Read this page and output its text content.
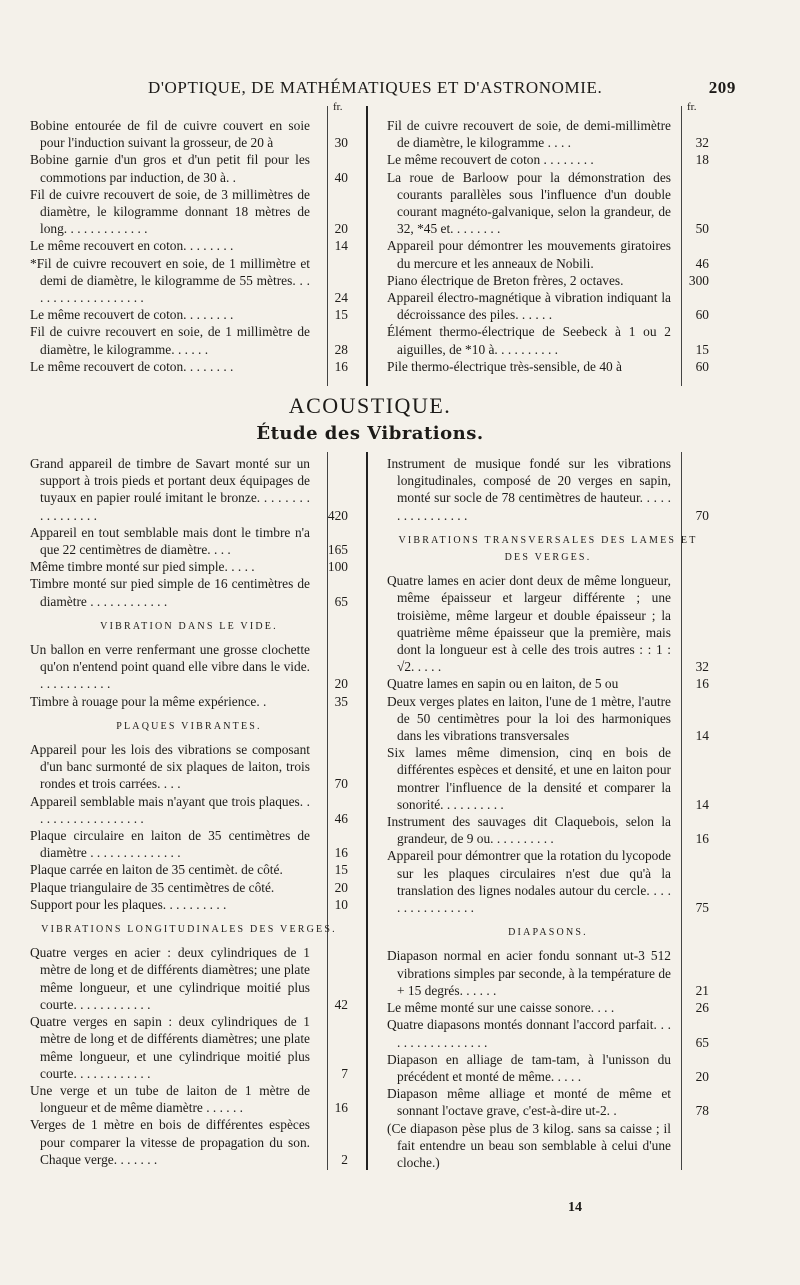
D'OPTIQUE, DE MATHÉMATIQUES ET D'ASTRONOMIE.	209
fr.	fr.
Bobine entourée de fil de cuivre couvert en soie pour l'induction suivant la grosseur, de 20 à	30
Bobine garnie d'un gros et d'un petit fil pour les commotions par induction, de 30 à. .	40
Fil de cuivre recouvert de soie, de 3 millimètres de diamètre, le kilogramme donnant 18 mètres de long. . . . . . . . . . . . .	20
Le même recouvert en coton. . . . . . . .	14
*Fil de cuivre recouvert en soie, de 1 millimètre et demi de diamètre, le kilogramme de 55 mètres. . . . . . . . . . . . . . . . . . .	24
Le même recouvert de coton. . . . . . . .	15
Fil de cuivre recouvert en soie, de 1 millimètre de diamètre, le kilogramme. . . . . .	28
Le même recouvert de coton. . . . . . . .	16
Fil de cuivre recouvert de soie, de demi-millimètre de diamètre, le kilogramme . . . .	32
Le même recouvert de coton . . . . . . . .	18
La roue de Barloow pour la démonstration des courants parallèles sous l'influence d'un double courant magnéto-galvanique, selon la grandeur, de 32, *45 et. . . . . . . .	50
Appareil pour démontrer les mouvements giratoires du mercure et les anneaux de Nobili.	46
Piano électrique de Breton frères, 2 octaves.	300
Appareil électro-magnétique à vibration indiquant la décroissance des piles. . . . . .	60
Élément thermo-électrique de Seebeck à 1 ou 2 aiguilles, de *10 à. . . . . . . . . .	15
Pile thermo-électrique très-sensible, de 40 à	60
ACOUSTIQUE.
Étude des Vibrations.
Grand appareil de timbre de Savart monté sur un support à trois pieds et portant deux équipages de tuyaux en papier roulé imitant le bronze. . . . . . . . . . . . . . . . .	420
Appareil en tout semblable mais dont le timbre n'a que 22 centimètres de diamètre. . . .	165
Même timbre monté sur pied simple. . . . .	100
Timbre monté sur pied simple de 16 centimètres de diamètre . . . . . . . . . . . .	65
VIBRATION DANS LE VIDE.
Un ballon en verre renfermant une grosse clochette qu'on n'entend point quand elle vibre dans le vide. . . . . . . . . . . .	20
Timbre à rouage pour la même expérience. .	35
PLAQUES VIBRANTES.
Appareil pour les lois des vibrations se composant d'un banc surmonté de six plaques de laiton, trois rondes et trois carrées. . . .	70
Appareil semblable mais n'ayant que trois plaques. . . . . . . . . . . . . . . . . .	46
Plaque circulaire en laiton de 35 centimètres de diamètre . . . . . . . . . . . . . .	16
Plaque carrée en laiton de 35 centimèt. de côté.	15
Plaque triangulaire de 35 centimètres de côté.	20
Support pour les plaques. . . . . . . . . .	10
VIBRATIONS LONGITUDINALES DES VERGES.
Quatre verges en acier : deux cylindriques de 1 mètre de long et de différents diamètres; une plate même longueur, et une cylindrique moitié plus courte. . . . . . . . . . . .	42
Quatre verges en sapin : deux cylindriques de 1 mètre de long et de différents diamètres; une plate même longueur, et une cylindrique moitié plus courte. . . . . . . . . . . .	7
Une verge et un tube de laiton de 1 mètre de longueur et de même diamètre . . . . . .	16
Verges de 1 mètre en bois de différentes espèces pour comparer la vitesse de propagation du son. Chaque verge. . . . . . .	2
Instrument de musique fondé sur les vibrations longitudinales, composé de 20 verges en sapin, monté sur socle de 78 centimètres de hauteur. . . . . . . . . . . . . . . .	70
VIBRATIONS TRANSVERSALES DES LAMES ET DES VERGES.
Quatre lames en acier dont deux de même longueur, même épaisseur et largeur différente ; une troisième, même largeur et double épaisseur ; la quatrième même épaisseur que la première, mais dont la longueur est à celle des trois autres : : 1 : √2. . . . .	32
Quatre lames en sapin ou en laiton, de 5 ou	16
Deux verges plates en laiton, l'une de 1 mètre, l'autre de 50 centimètres pour la loi des harmoniques dans les vibrations transversales	14
Six lames même dimension, cinq en bois de différentes espèces et densité, et une en laiton pour montrer l'influence de la densité et comparer la sonorité. . . . . . . . . .	14
Instrument des sauvages dit Claquebois, selon la grandeur, de 9 ou. . . . . . . . . .	16
Appareil pour démontrer que la rotation du lycopode sur les plaques circulaires n'est due qu'à la translation des lignes nodales autour du cercle. . . . . . . . . . . . . . . .	75
DIAPASONS.
Diapason normal en acier fondu sonnant ut-3 512 vibrations simples par seconde, à la température de + 15 degrés. . . . . .	21
Le même monté sur une caisse sonore. . . .	26
Quatre diapasons montés donnant l'accord parfait. . . . . . . . . . . . . . . . .	65
Diapason en alliage de tam-tam, à l'unisson du précédent et monté de même. . . . .	20
Diapason même alliage et monté de même et sonnant l'octave grave, c'est-à-dire ut-2. .	78
(Ce diapason pèse plus de 3 kilog. sans sa caisse ; il fait entendre un beau son semblable à celui d'une cloche.)
14
